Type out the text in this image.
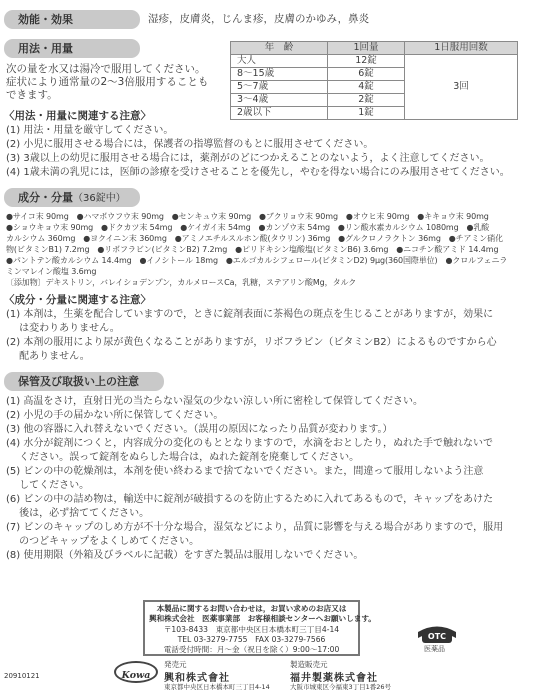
効能・効果	湿疹，皮膚炎，じんま疹，皮膚のかゆみ，鼻炎
用法・用量
次の量を水又は湯冷で服用してください。
症状により通常量の2〜3倍服用することも
できます。
年　齢	1回量	1日服用回数
大人	12錠	3回
8〜15歳	6錠	
5〜7歳	4錠	
3〜4歳	2錠	
2歳以下	1錠	
〈用法・用量に関連する注意〉
(1) 用法・用量を厳守してください。
(2) 小児に服用させる場合には，保護者の指導監督のもとに服用させてください。
(3) 3歳以上の幼児に服用させる場合には，薬剤がのどにつかえることのないよう，よく注意してください。
(4) 1歳未満の乳児には，医師の診療を受けさせることを優先し，やむを得ない場合にのみ服用させてください。
成分・分量（36錠中）
●サイコ末 90mg　●ハマボウフウ末 90mg　●センキュウ末 90mg　●ブクリョウ末 90mg　●オウヒ末 90mg　●キキョウ末 90mg
●ショウキョウ末 90mg　●ドクカツ末 54mg　●ケイガイ末 54mg　●カンゾウ末 54mg　●リン酸水素カルシウム 1080mg　●乳酸
カルシウム 360mg　●ヨクイニン末 360mg　●アミノエチルスルホン酸(タウリン) 36mg　●グルクロノラクトン 36mg　●チアミン硝化
物(ビタミンB1) 7.2mg　●リボフラビン(ビタミンB2) 7.2mg　●ピリドキシン塩酸塩(ビタミンB6) 3.6mg　●ニコチン酸アミド 14.4mg
●パントテン酸カルシウム 14.4mg　●イノシトール 18mg　●エルゴカルシフェロール(ビタミンD2) 9μg(360国際単位)　●クロルフェニラ
ミンマレイン酸塩 3.6mg
〔添加物〕デキストリン，バレイショデンプン，カルメロースCa，乳糖，ステアリン酸Mg，タルク
〈成分・分量に関連する注意〉
(1) 本剤は，生薬を配合していますので，ときに錠剤表面に茶褐色の斑点を生じることがありますが，効果に
　 は変わりありません。
(2) 本剤の服用により尿が黄色くなることがありますが，リボフラビン（ビタミンB2）によるものですから心
　 配ありません。
保管及び取扱い上の注意
(1) 高温をさけ，直射日光の当たらない湿気の少ない涼しい所に密栓して保管してください。
(2) 小児の手の届かない所に保管してください。
(3) 他の容器に入れ替えないでください。（誤用の原因になったり品質が変わります。）
(4) 水分が錠剤につくと，内容成分の変化のもととなりますので，水滴をおとしたり，ぬれた手で触れないで
　 ください。誤って錠剤をぬらした場合は，ぬれた錠剤を廃棄してください。
(5) ビンの中の乾燥剤は，本剤を使い終わるまで捨てないでください。また，間違って服用しないよう注意
　 してください。
(6) ビンの中の詰め物は，輸送中に錠剤が破損するのを防止するために入れてあるもので，キャップをあけた
　 後は，必ず捨ててください。
(7) ビンのキャップのしめ方が不十分な場合，湿気などにより，品質に影響を与える場合がありますので，服用
　 のつどキャップをよくしめてください。
(8) 使用期限（外箱及びラベルに記載）をすぎた製品は服用しないでください。
本製品に関するお問い合わせは，お買い求めのお店又は
興和株式会社　医薬事業部　お客様相談センターへお願いします。
〒103-8433　東京都中央区日本橋本町三丁目4-14
TEL 03-3279-7755　FAX 03-3279-7566
電話受付時間：月〜金（祝日を除く）9:00〜17:00
OTC
医薬品
20910121	Kowa
発売元
興和株式會社
東京都中央区日本橋本町三丁目4-14
製造販売元
福井製薬株式會社
大阪市城東区今福東3丁目1番26号
